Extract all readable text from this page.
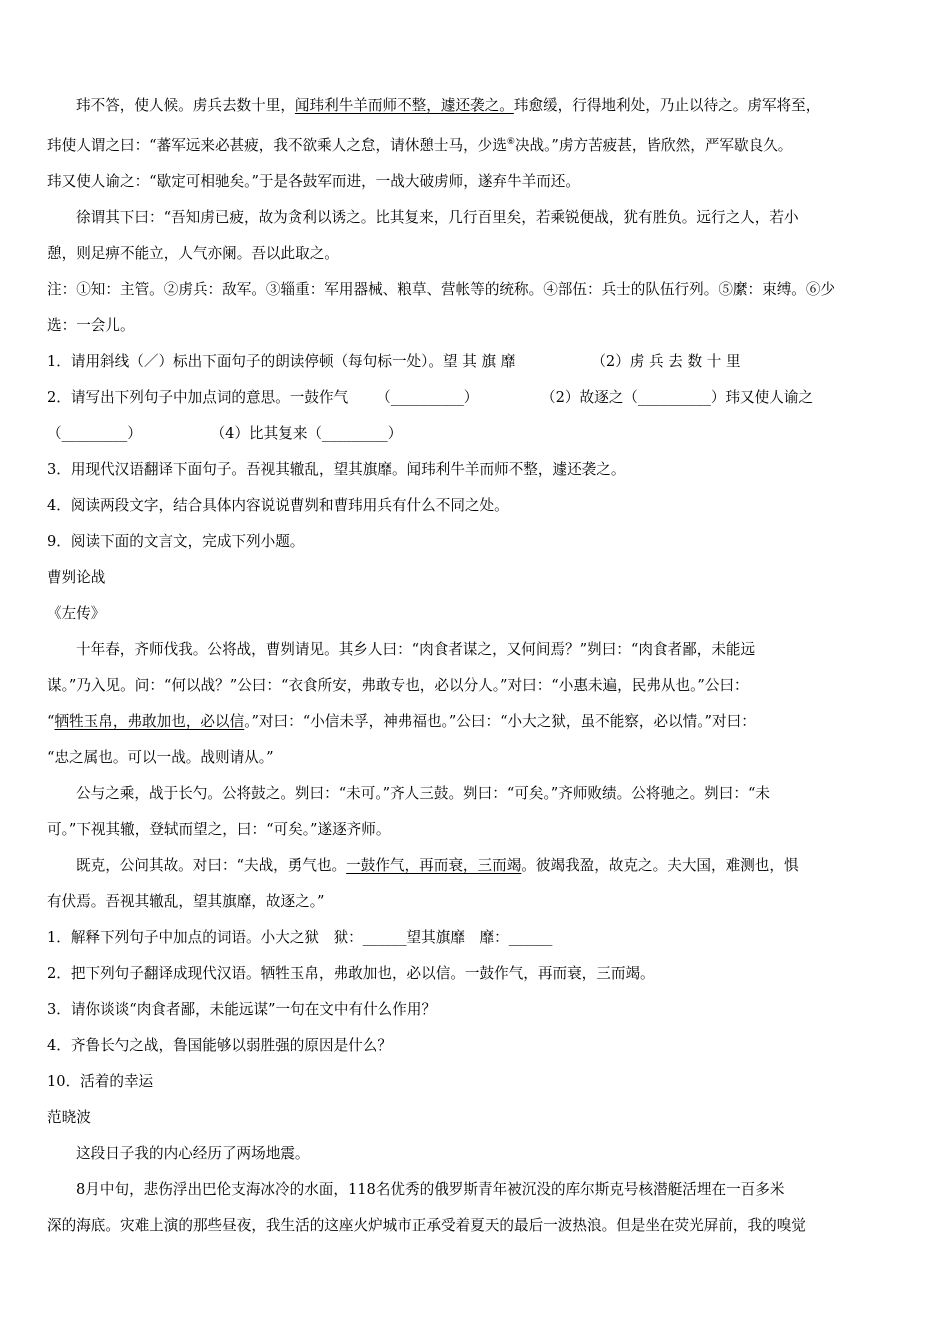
玮不答，使人候。虏兵去数十里，闻玮利牛羊而师不整，遽还袭之。玮愈缓，行得地利处，乃止以待之。虏军将至，
玮使人谓之曰：“蕃军远来必甚疲，我不欲乘人之怠，请休憩士马，少选⑥决战。”虏方苦疲甚，皆欣然，严军歇良久。
玮又使人谕之：“歇定可相驰矣。”于是各鼓军而进，一战大破虏师，遂弃牛羊而还。
徐谓其下曰：“吾知虏已疲，故为贪利以诱之。比其复来，几行百里矣，若乘锐便战，犹有胜负。远行之人，若小
憩，则足痹不能立，人气亦阑。吾以此取之。
注：①知：主管。②虏兵：敌军。③辎重：军用器械、粮草、营帐等的统称。④部伍：兵士的队伍行列。⑤縻：束缚。⑥少
选：一会儿。
1．请用斜线（／）标出下面句子的朗读停顿（每句标一处）。望 其 旗 靡	（2）虏 兵 去 数 十 里
2．请写出下列句子中加点词的意思。一鼓作气 （__________）	（2）故逐之（__________）玮又使人谕之
（_________）	（4）比其复来（_________）
3．用现代汉语翻译下面句子。吾视其辙乱，望其旗靡。闻玮利牛羊而师不整，遽还袭之。
4．阅读两段文字，结合具体内容说说曹刿和曹玮用兵有什么不同之处。
9．阅读下面的文言文，完成下列小题。
曹刿论战
《左传》
十年春，齐师伐我。公将战，曹刿请见。其乡人曰：“肉食者谋之，又何间焉？”刿曰：“肉食者鄙，未能远
谋。”乃入见。问：“何以战？”公曰：“衣食所安，弗敢专也，必以分人。”对曰：“小惠未遍，民弗从也。”公曰：
“牺牲玉帛，弗敢加也，必以信。”对曰：“小信未孚，神弗福也。”公曰：“小大之狱，虽不能察，必以情。”对曰：
“忠之属也。可以一战。战则请从。”
公与之乘，战于长勺。公将鼓之。刿曰：“未可。”齐人三鼓。刿曰：“可矣。”齐师败绩。公将驰之。刿曰：“未
可。”下视其辙，登轼而望之，曰：“可矣。”遂逐齐师。
既克，公问其故。对曰：“夫战，勇气也。一鼓作气，再而衰，三而竭。彼竭我盈，故克之。夫大国，难测也，惧
有伏焉。吾视其辙乱，望其旗靡，故逐之。”
1．解释下列句子中加点的词语。小大之狱　狱：______望其旗靡　靡：______
2．把下列句子翻译成现代汉语。牺牲玉帛，弗敢加也，必以信。一鼓作气，再而衰，三而竭。
3．请你谈谈“肉食者鄙，未能远谋”一句在文中有什么作用？
4．齐鲁长勺之战，鲁国能够以弱胜强的原因是什么？
10．活着的幸运
范晓波
这段日子我的内心经历了两场地震。
8月中旬，悲伤浮出巴伦支海冰冷的水面，118名优秀的俄罗斯青年被沉没的库尔斯克号核潜艇活埋在一百多米
深的海底。灾难上演的那些昼夜，我生活的这座火炉城市正承受着夏天的最后一波热浪。但是坐在荧光屏前，我的嗅觉
